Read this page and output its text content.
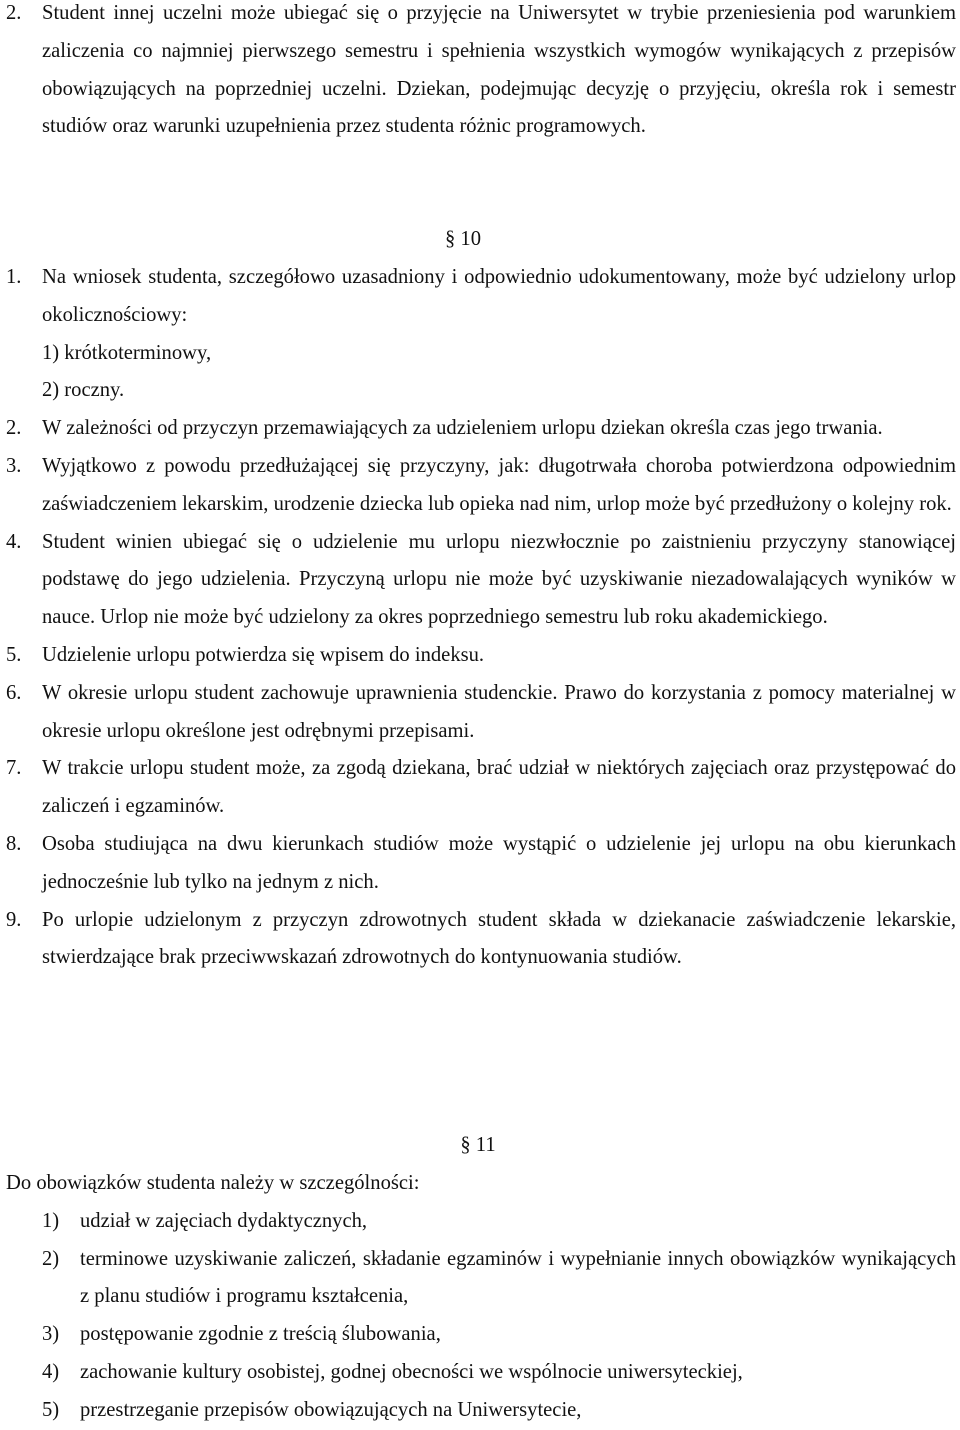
2. Student innej uczelni może ubiegać się o przyjęcie na Uniwersytet w trybie przeniesienia pod warunkiem zaliczenia co najmniej pierwszego semestru i spełnienia wszystkich wymogów wynikających z przepisów obowiązujących na poprzedniej uczelni. Dziekan, podejmując decyzję o przyjęciu, określa rok i semestr studiów oraz warunki uzupełnienia przez studenta różnic programowych.
§ 10
1. Na wniosek studenta, szczegółowo uzasadniony i odpowiednio udokumentowany, może być udzielony urlop okolicznościowy:
1) krótkoterminowy,
2) roczny.
2. W zależności od przyczyn przemawiających za udzieleniem urlopu dziekan określa czas jego trwania.
3. Wyjątkowo z powodu przedłużającej się przyczyny, jak: długotrwała choroba potwierdzona odpowiednim zaświadczeniem lekarskim, urodzenie dziecka lub opieka nad nim, urlop może być przedłużony o kolejny rok.
4. Student winien ubiegać się o udzielenie mu urlopu niezwłocznie po zaistnieniu przyczyny stanowiącej podstawę do jego udzielenia. Przyczyną urlopu nie może być uzyskiwanie niezadowalających wyników w nauce. Urlop nie może być udzielony za okres poprzedniego semestru lub roku akademickiego.
5. Udzielenie urlopu potwierdza się wpisem do indeksu.
6. W okresie urlopu student zachowuje uprawnienia studenckie. Prawo do korzystania z pomocy materialnej w okresie urlopu określone jest odrębnymi przepisami.
7. W trakcie urlopu student może, za zgodą dziekana, brać udział w niektórych zajęciach oraz przystępować do zaliczeń i egzaminów.
8. Osoba studiująca na dwu kierunkach studiów może wystąpić o udzielenie jej urlopu na obu kierunkach jednocześnie lub tylko na jednym z nich.
9. Po urlopie udzielonym z przyczyn zdrowotnych student składa w dziekanacie zaświadczenie lekarskie, stwierdzające brak przeciwwskazań zdrowotnych do kontynuowania studiów.
§ 11
Do obowiązków studenta należy w szczególności:
1) udział w zajęciach dydaktycznych,
2) terminowe uzyskiwanie zaliczeń, składanie egzaminów i wypełnianie innych obowiązków wynikających z planu studiów i programu kształcenia,
3) postępowanie zgodnie z treścią ślubowania,
4) zachowanie kultury osobistej, godnej obecności we wspólnocie uniwersyteckiej,
5) przestrzeganie przepisów obowiązujących na Uniwersytecie,
